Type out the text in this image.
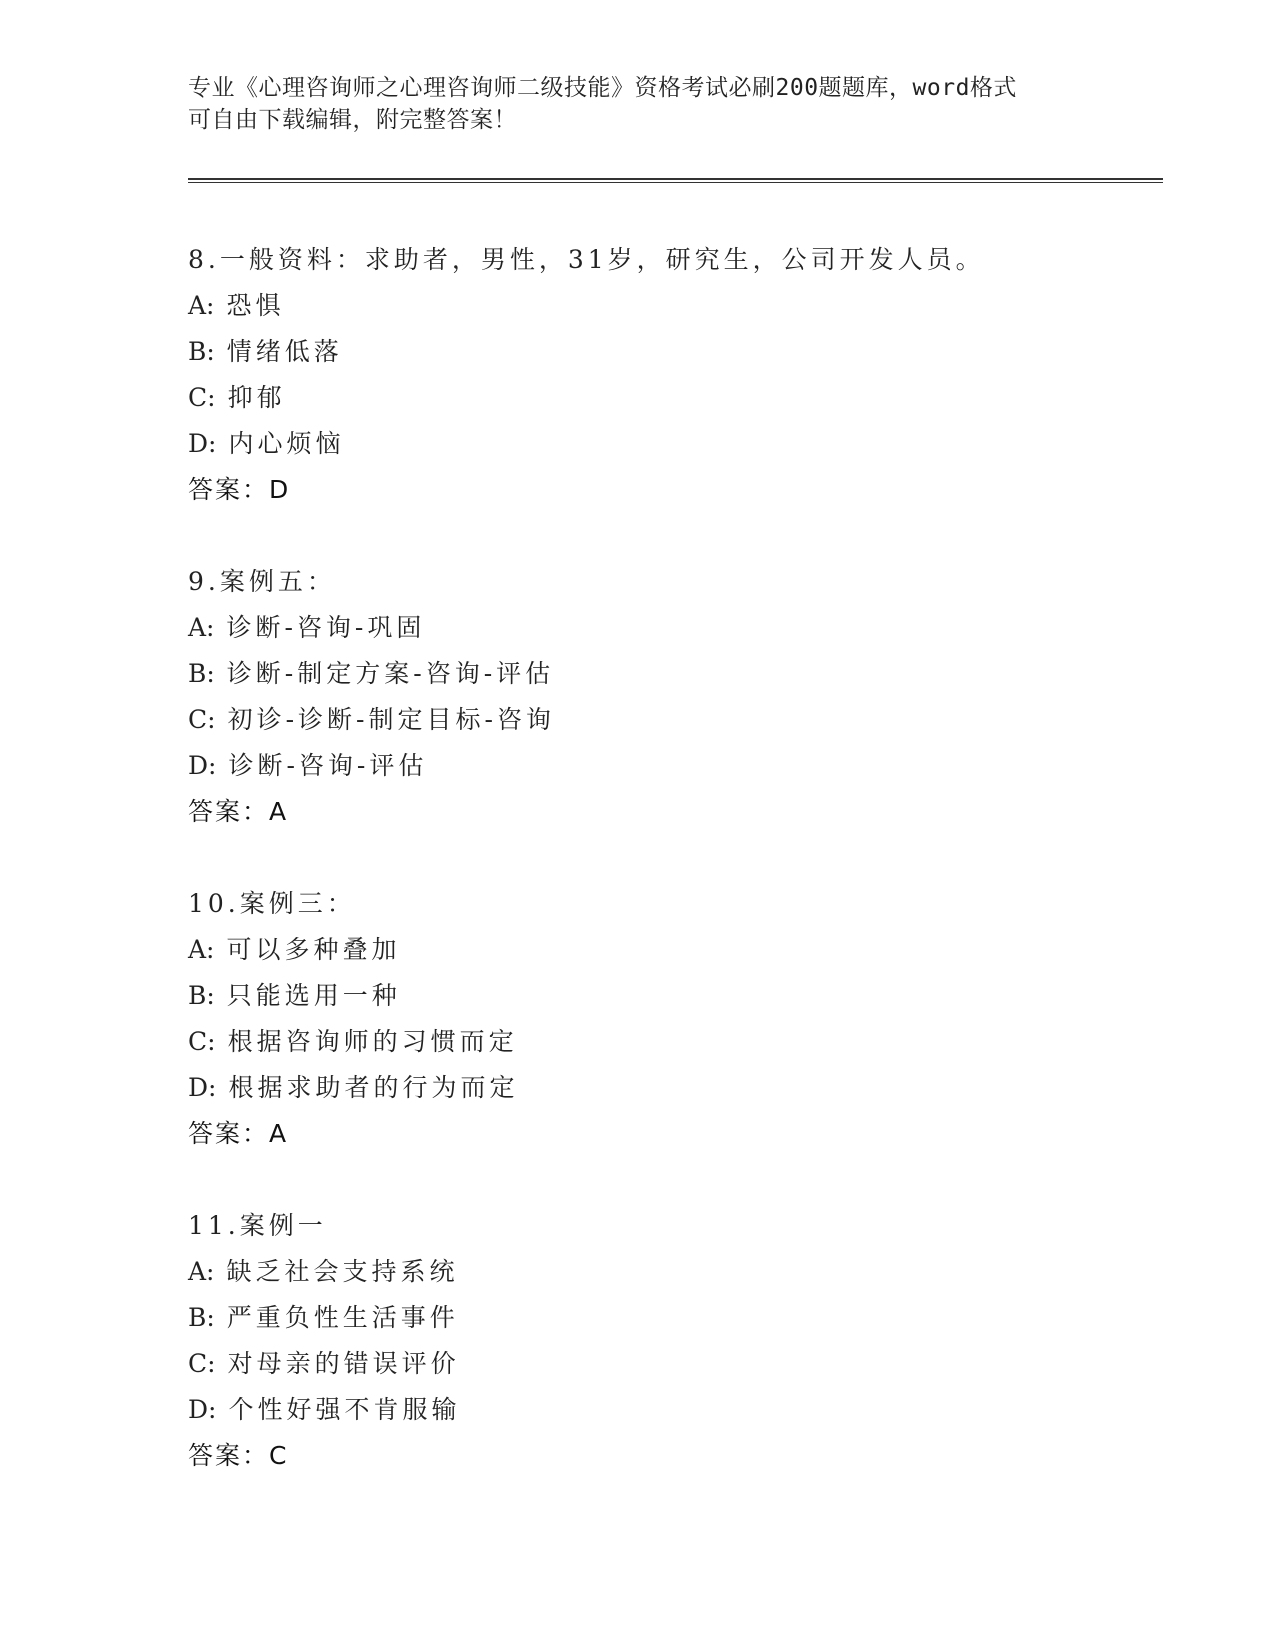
专业《心理咨询师之心理咨询师二级技能》资格考试必刷200题题库，word格式
可自由下载编辑，附完整答案！
8.一般资料：求助者，男性，31岁，研究生，公司开发人员。
A: 恐惧
B: 情绪低落
C: 抑郁
D: 内心烦恼
答案：D
9.案例五：
A: 诊断-咨询-巩固
B: 诊断-制定方案-咨询-评估
C: 初诊-诊断-制定目标-咨询
D: 诊断-咨询-评估
答案：A
10.案例三：
A: 可以多种叠加
B: 只能选用一种
C: 根据咨询师的习惯而定
D: 根据求助者的行为而定
答案：A
11.案例一
A: 缺乏社会支持系统
B: 严重负性生活事件
C: 对母亲的错误评价
D: 个性好强不肯服输
答案：C
